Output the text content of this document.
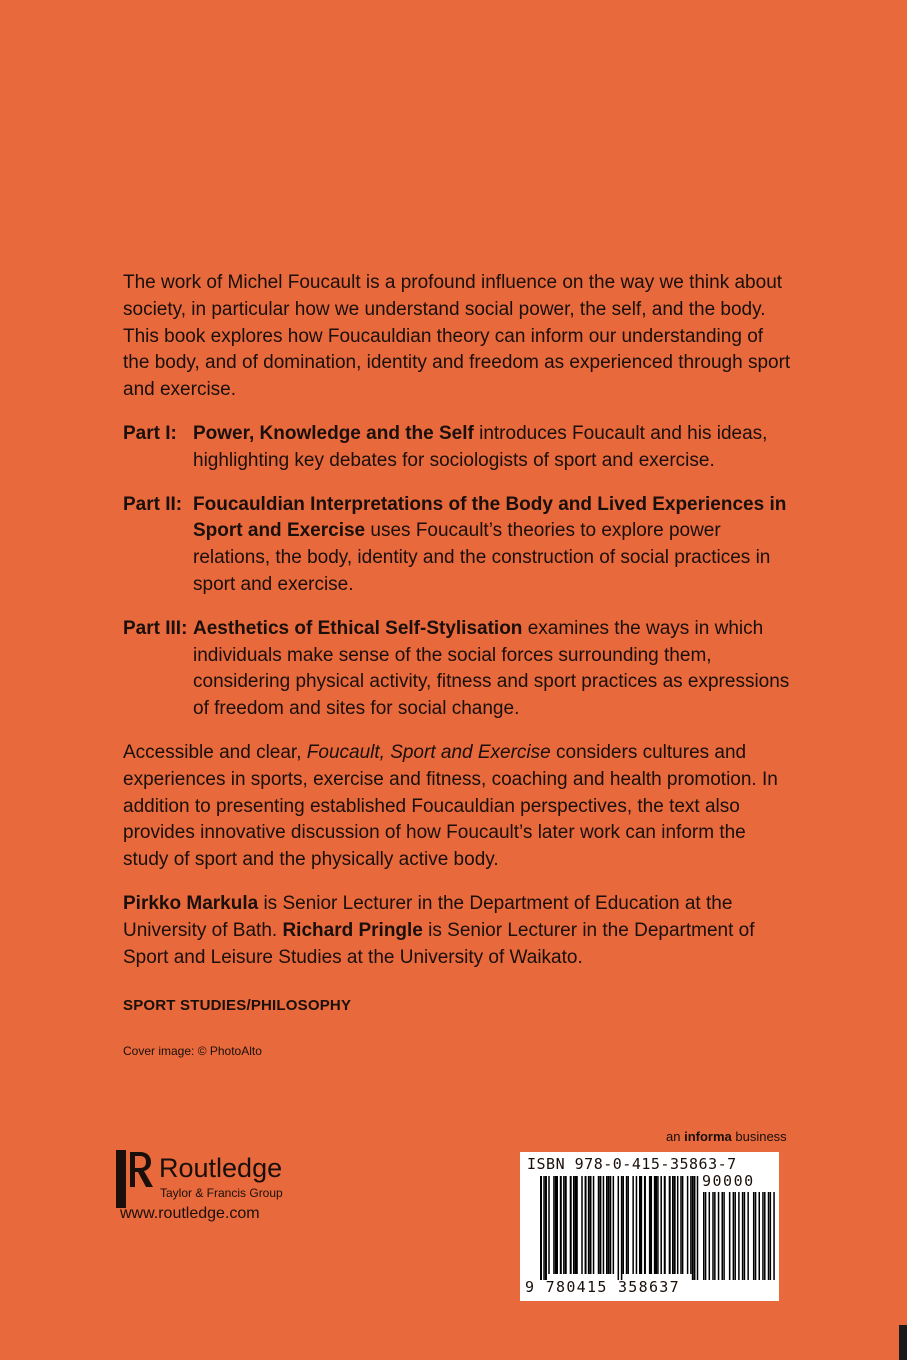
The work of Michel Foucault is a profound influence on the way we think about society, in particular how we understand social power, the self, and the body. This book explores how Foucauldian theory can inform our understanding of the body, and of domination, identity and freedom as experienced through sport and exercise.

Part I: Power, Knowledge and the Self introduces Foucault and his ideas, highlighting key debates for sociologists of sport and exercise.
Part II: Foucauldian Interpretations of the Body and Lived Experiences in Sport and Exercise uses Foucault’s theories to explore power relations, the body, identity and the construction of social practices in sport and exercise.
Part III: Aesthetics of Ethical Self-Stylisation examines the ways in which individuals make sense of the social forces surrounding them, considering physical activity, fitness and sport practices as expressions of freedom and sites for social change.

Accessible and clear, Foucault, Sport and Exercise considers cultures and experiences in sports, exercise and fitness, coaching and health promotion. In addition to presenting established Foucauldian perspectives, the text also provides innovative discussion of how Foucault’s later work can inform the study of sport and the physically active body.

Pirkko Markula is Senior Lecturer in the Department of Education at the University of Bath. Richard Pringle is Senior Lecturer in the Department of Sport and Leisure Studies at the University of Waikato.

SPORT STUDIES/PHILOSOPHY
Cover image: © PhotoAlto
ROUTLEDGE Routledge
Taylor & Francis Group
www.routledge.com
an informa business
ISBN 978-0-415-35863-7
90000
9 780415 358637
